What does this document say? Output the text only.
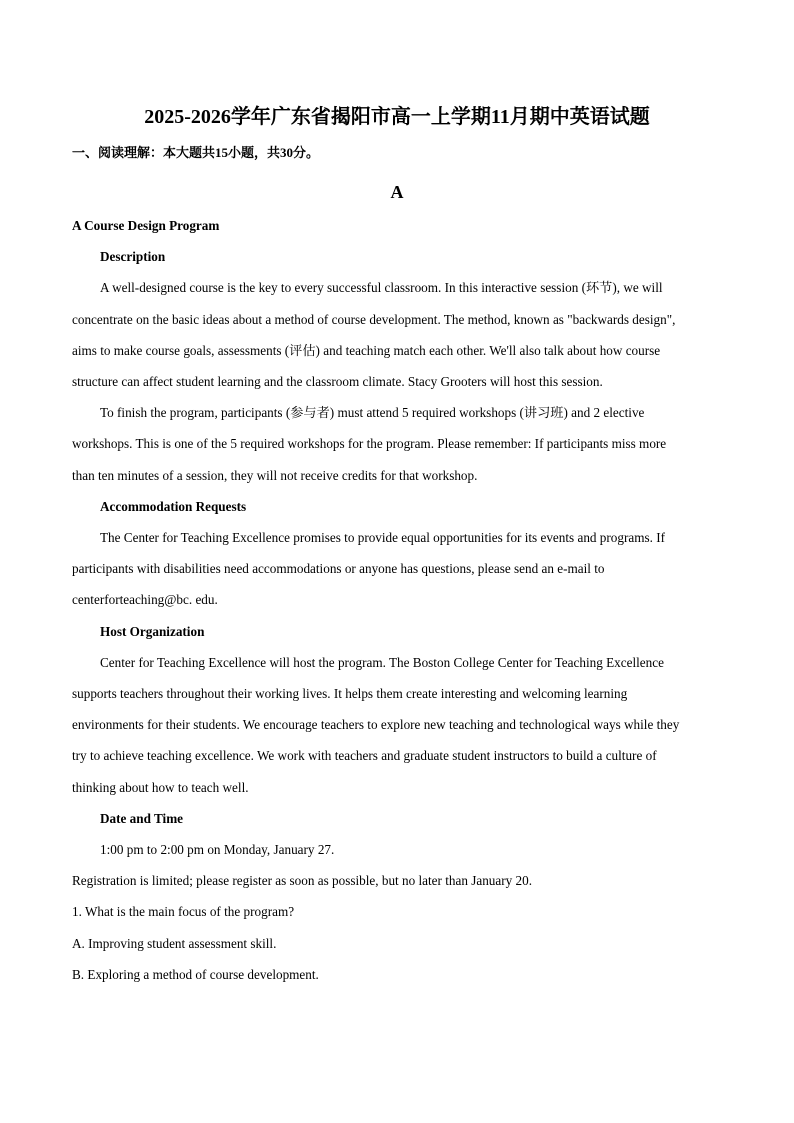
2025-2026学年广东省揭阳市高一上学期11月期中英语试题
一、阅读理解：本大题共15小题，共30分。
A
A Course Design Program
Description
A well-designed course is the key to every successful classroom. In this interactive session (环节), we will
concentrate on the basic ideas about a method of course development. The method, known as "backwards design",
aims to make course goals, assessments (评估) and teaching match each other. We'll also talk about how course
structure can affect student learning and the classroom climate. Stacy Grooters will host this session.
To finish the program, participants (参与者) must attend 5 required workshops (讲习班) and 2 elective
workshops. This is one of the 5 required workshops for the program. Please remember: If participants miss more
than ten minutes of a session, they will not receive credits for that workshop.
Accommodation Requests
The Center for Teaching Excellence promises to provide equal opportunities for its events and programs. If
participants with disabilities need accommodations or anyone has questions, please send an e-mail to
centerforteaching@bc. edu.
Host Organization
Center for Teaching Excellence will host the program. The Boston College Center for Teaching Excellence
supports teachers throughout their working lives. It helps them create interesting and welcoming learning
environments for their students. We encourage teachers to explore new teaching and technological ways while they
try to achieve teaching excellence. We work with teachers and graduate student instructors to build a culture of
thinking about how to teach well.
Date and Time
1:00 pm to 2:00 pm on Monday, January 27.
Registration is limited; please register as soon as possible, but no later than January 20.
1. What is the main focus of the program?
A. Improving student assessment skill.
B. Exploring a method of course development.
